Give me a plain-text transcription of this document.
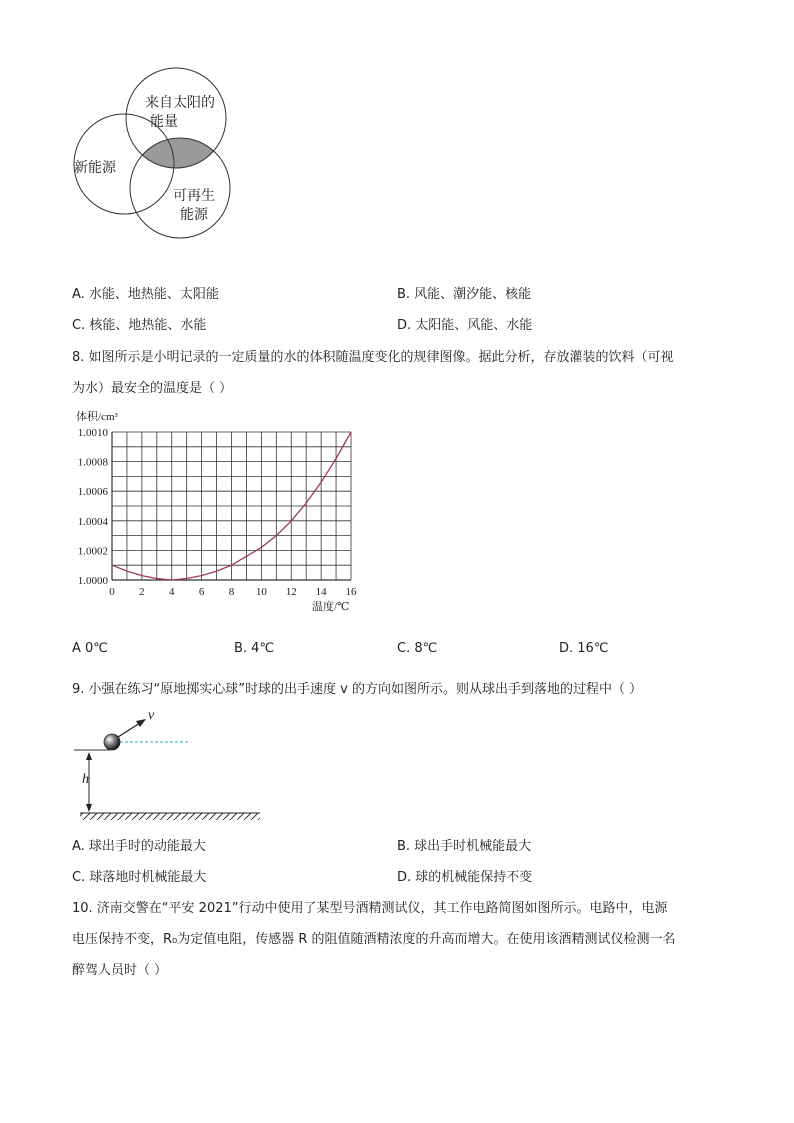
来自太阳的
能量
新能源
可再生
能源
A. 水能、地热能、太阳能	B. 风能、潮汐能、核能
C. 核能、地热能、水能	D. 太阳能、风能、水能
8. 如图所示是小明记录的一定质量的水的体积随温度变化的规律图像。据此分析，存放灌装的饮料（可视
为水）最安全的温度是（ ）
0 2 4 6 8 10 12 14 16
1.0000
1.0002
1.0004
1.0006
1.0008
1.0010
体积/cm³
温度/℃
A 0℃	B. 4℃	C. 8℃	D. 16℃
9. 小强在练习“原地掷实心球”时球的出手速度 v 的方向如图所示。则从球出手到落地的过程中（ ）
v
h
A. 球出手时的动能最大	B. 球出手时机械能最大
C. 球落地时机械能最大	D. 球的机械能保持不变
10. 济南交警在“平安 2021”行动中使用了某型号酒精测试仪，其工作电路简图如图所示。电路中，电源
电压保持不变，R₀为定值电阻，传感器 R 的阻值随酒精浓度的升高而增大。在使用该酒精测试仪检测一名
醉驾人员时（ ）
